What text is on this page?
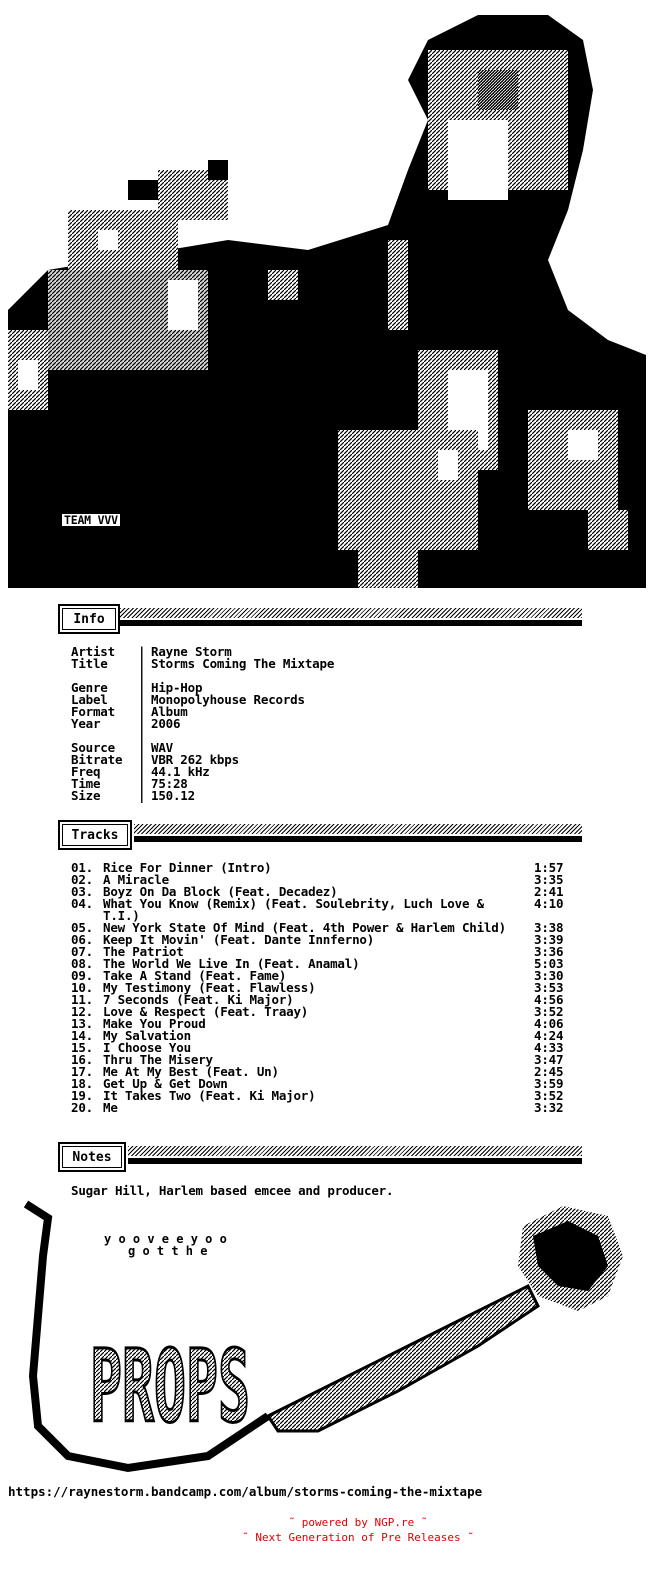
TEAM VVV
Info
Artist | Rayne Storm
Title | Storms Coming The Mixtape
|
Genre | Hip-Hop
Label | Monopolyhouse Records
Format | Album
Year	| 2006
|
Source | WAV
Bitrate | VBR 262 kbps
Freq	| 44.1 kHz
Time	| 75:28
Size	| 150.12
Tracks
01. Rice For Dinner (Intro)	1:57
02. A Miracle	3:35
03. Boyz On Da Block (Feat. Decadez)	2:41
04. What You Know (Remix) (Feat. Soulebrity, Luch Love & T.I.)
4:10
05. New York State Of Mind (Feat. 4th Power & Harlem Child)	3:38
06. Keep It Movin' (Feat. Dante Innferno)	3:39
07. The Patriot	3:36
08. The World We Live In (Feat. Anamal)	5:03
09. Take A Stand (Feat. Fame)	3:30
10. My Testimony (Feat. Flawless)	3:53
11. 7 Seconds (Feat. Ki Major)	4:56
12. Love & Respect (Feat. Traay)	3:52
13. Make You Proud	4:06
14. My Salvation	4:24
15. I Choose You	4:33
16. Thru The Misery	3:47
17. Me At My Best (Feat. Un)	2:45
18. Get Up & Get Down	3:59
19. It Takes Two (Feat. Ki Major)	3:52
20. Me	3:32
Notes
Sugar Hill, Harlem based emcee and producer.
y o o v e e y o o
g o t t h e
PROPS
https://raynestorm.bandcamp.com/album/storms-coming-the-mixtape
˜ powered by NGP.re ˜
˜ Next Generation of Pre Releases ˜
